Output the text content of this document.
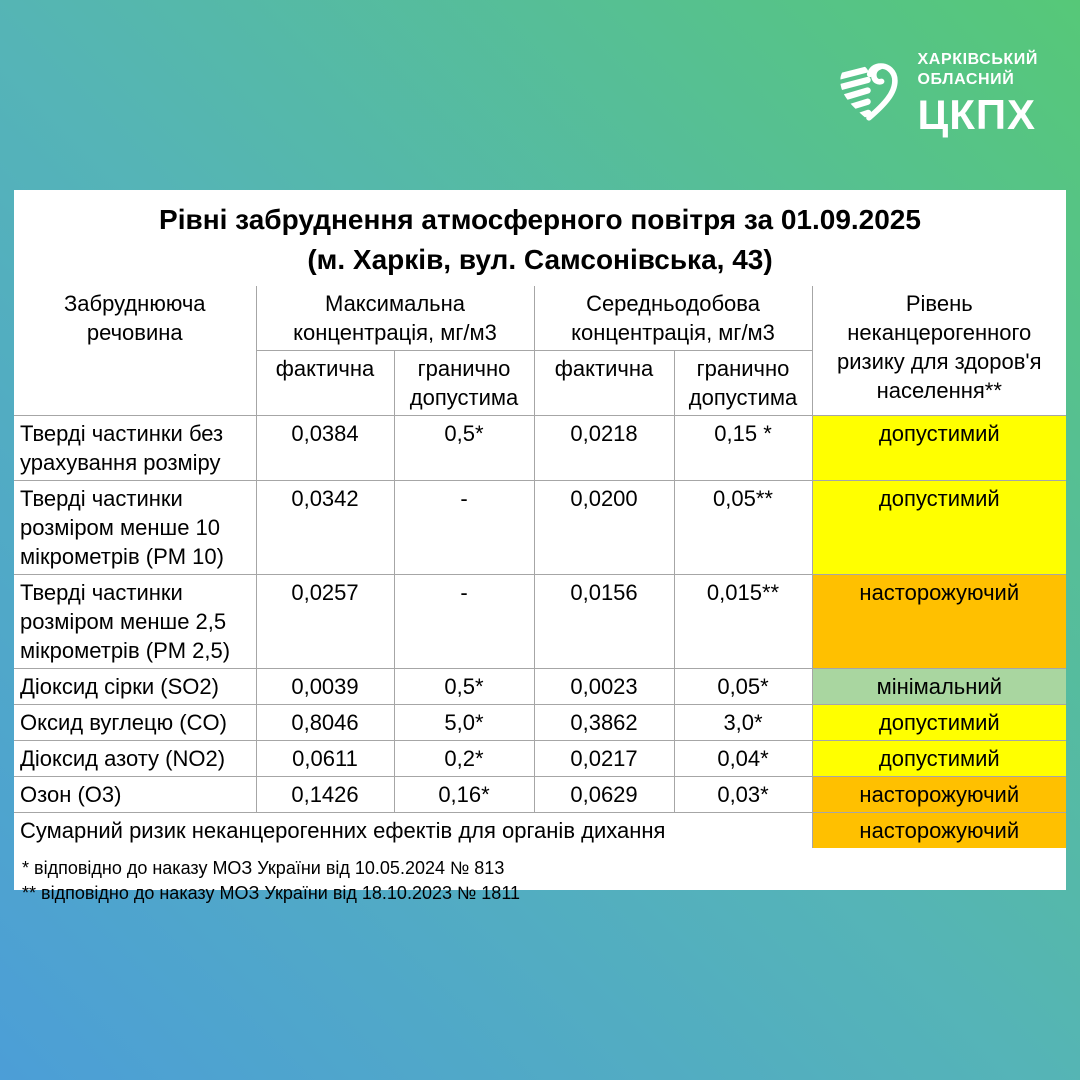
ХАРКІВСЬКИЙ
ОБЛАСНИЙ
ЦКПХ
Рівні забруднення атмосферного повітря за 01.09.2025
(м. Харків, вул. Самсонівська, 43)
Забруднююча речовина	Максимальна концентрація, мг/м3		Середньодобова концентрація, мг/м3		Рівень неканцерогенного ризику для здоров'я населення**
	фактична	гранично допустима	фактична	гранично допустима	
Тверді частинки без урахування розміру	0,0384	0,5*	0,0218	0,15 *	допустимий
Тверді частинки розміром менше 10 мікрометрів (PM 10)	0,0342	-	0,0200	0,05**	допустимий
Тверді частинки розміром менше 2,5 мікрометрів (PM 2,5)	0,0257	-	0,0156	0,015**	насторожуючий
Діоксид сірки (SO2)	0,0039	0,5*	0,0023	0,05*	мінімальний
Оксид вуглецю (CO)	0,8046	5,0*	0,3862	3,0*	допустимий
Діоксид азоту (NO2)	0,0611	0,2*	0,0217	0,04*	допустимий
Озон (O3)	0,1426	0,16*	0,0629	0,03*	насторожуючий
Сумарний ризик неканцерогенних ефектів для органів дихання					насторожуючий
* відповідно до наказу МОЗ України від 10.05.2024 № 813
** відповідно до наказу МОЗ України від 18.10.2023 № 1811
